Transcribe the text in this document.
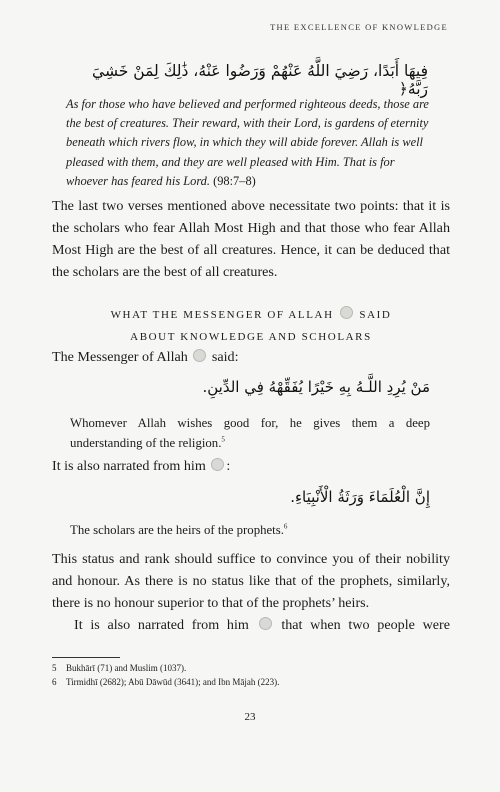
THE EXCELLENCE OF KNOWLEDGE
فِيهَا أَبَدًا، رَضِيَ اللَّهُ عَنْهُمْ وَرَضُوا عَنْهُ، ذَٰلِكَ لِمَنْ خَشِيَ رَبَّهُ﴿
As for those who have believed and performed righteous deeds, those are the best of creatures. Their reward, with their Lord, is gardens of eternity beneath which rivers flow, in which they will abide forever. Allah is well pleased with them, and they are well pleased with Him. That is for whoever has feared his Lord. (98:7–8)
The last two verses mentioned above necessitate two points: that it is the scholars who fear Allah Most High and that those who fear Allah Most High are the best of all creatures. Hence, it can be deduced that the scholars are the best of all creatures.
WHAT THE MESSENGER OF ALLAH SAID
ABOUT KNOWLEDGE AND SCHOLARS
The Messenger of Allah said:
مَنْ يُرِدِ اللَّـهُ بِهِ خَيْرًا يُفَقِّهْهُ فِي الدِّينِ.
Whomever Allah wishes good for, he gives them a deep understanding of the religion.$^5$
It is also narrated from him :
إِنَّ الْعُلَمَاءَ وَرَثَةُ الْأَنْبِيَاءِ.
The scholars are the heirs of the prophets.$^6$
This status and rank should suffice to convince you of their nobility and honour. As there is no status like that of the prophets, similarly, there is no honour superior to that of the prophets’ heirs.
It is also narrated from him that when two people were
5 Bukhārī (71) and Muslim (1037).
6 Tirmidhī (2682); Abū Dāwūd (3641); and Ibn Mājah (223).
23
